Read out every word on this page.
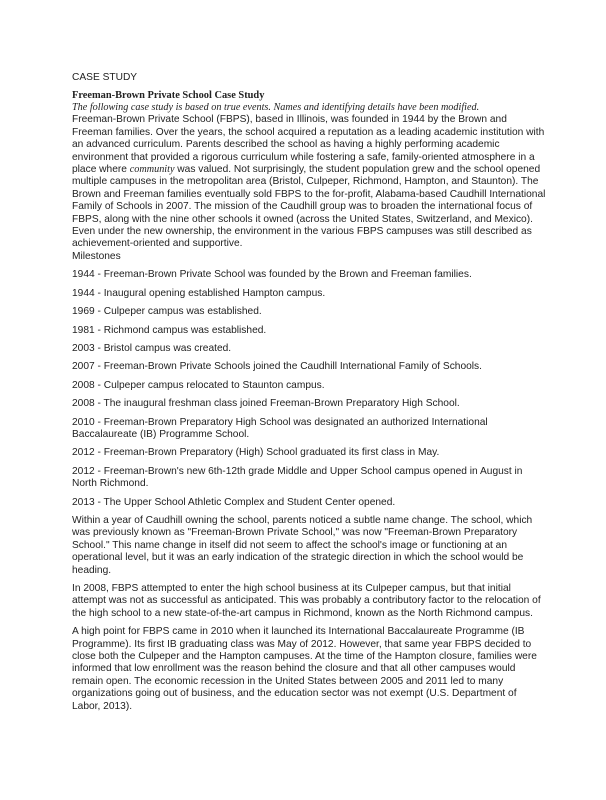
CASE STUDY

Freeman-Brown Private School Case Study

The following case study is based on true events. Names and identifying details have been modified.

Freeman-Brown Private School (FBPS), based in Illinois, was founded in 1944 by the Brown and Freeman families. Over the years, the school acquired a reputation as a leading academic institution with an advanced curriculum. Parents described the school as having a highly performing academic environment that provided a rigorous curriculum while fostering a safe, family-oriented atmosphere in a place where community was valued. Not surprisingly, the student population grew and the school opened multiple campuses in the metropolitan area (Bristol, Culpeper, Richmond, Hampton, and Staunton). The Brown and Freeman families eventually sold FBPS to the for-profit, Alabama-based Caudhill International Family of Schools in 2007. The mission of the Caudhill group was to broaden the international focus of FBPS, along with the nine other schools it owned (across the United States, Switzerland, and Mexico). Even under the new ownership, the environment in the various FBPS campuses was still described as achievement-oriented and supportive.

Milestones

1944 - Freeman-Brown Private School was founded by the Brown and Freeman families.

1944 - Inaugural opening established Hampton campus.

1969 - Culpeper campus was established.

1981 - Richmond campus was established.

2003 - Bristol campus was created.

2007 - Freeman-Brown Private Schools joined the Caudhill International Family of Schools.

2008 - Culpeper campus relocated to Staunton campus.

2008 - The inaugural freshman class joined Freeman-Brown Preparatory High School.

2010 - Freeman-Brown Preparatory High School was designated an authorized International Baccalaureate (IB) Programme School.

2012 - Freeman-Brown Preparatory (High) School graduated its first class in May.

2012 - Freeman-Brown's new 6th-12th grade Middle and Upper School campus opened in August in North Richmond.

2013 - The Upper School Athletic Complex and Student Center opened.

Within a year of Caudhill owning the school, parents noticed a subtle name change. The school, which was previously known as "Freeman-Brown Private School," was now "Freeman-Brown Preparatory School." This name change in itself did not seem to affect the school's image or functioning at an operational level, but it was an early indication of the strategic direction in which the school would be heading.

In 2008, FBPS attempted to enter the high school business at its Culpeper campus, but that initial attempt was not as successful as anticipated. This was probably a contributory factor to the relocation of the high school to a new state-of-the-art campus in Richmond, known as the North Richmond campus.

A high point for FBPS came in 2010 when it launched its International Baccalaureate Programme (IB Programme). Its first IB graduating class was May of 2012. However, that same year FBPS decided to close both the Culpeper and the Hampton campuses. At the time of the Hampton closure, families were informed that low enrollment was the reason behind the closure and that all other campuses would remain open. The economic recession in the United States between 2005 and 2011 led to many organizations going out of business, and the education sector was not exempt (U.S. Department of Labor, 2013).
